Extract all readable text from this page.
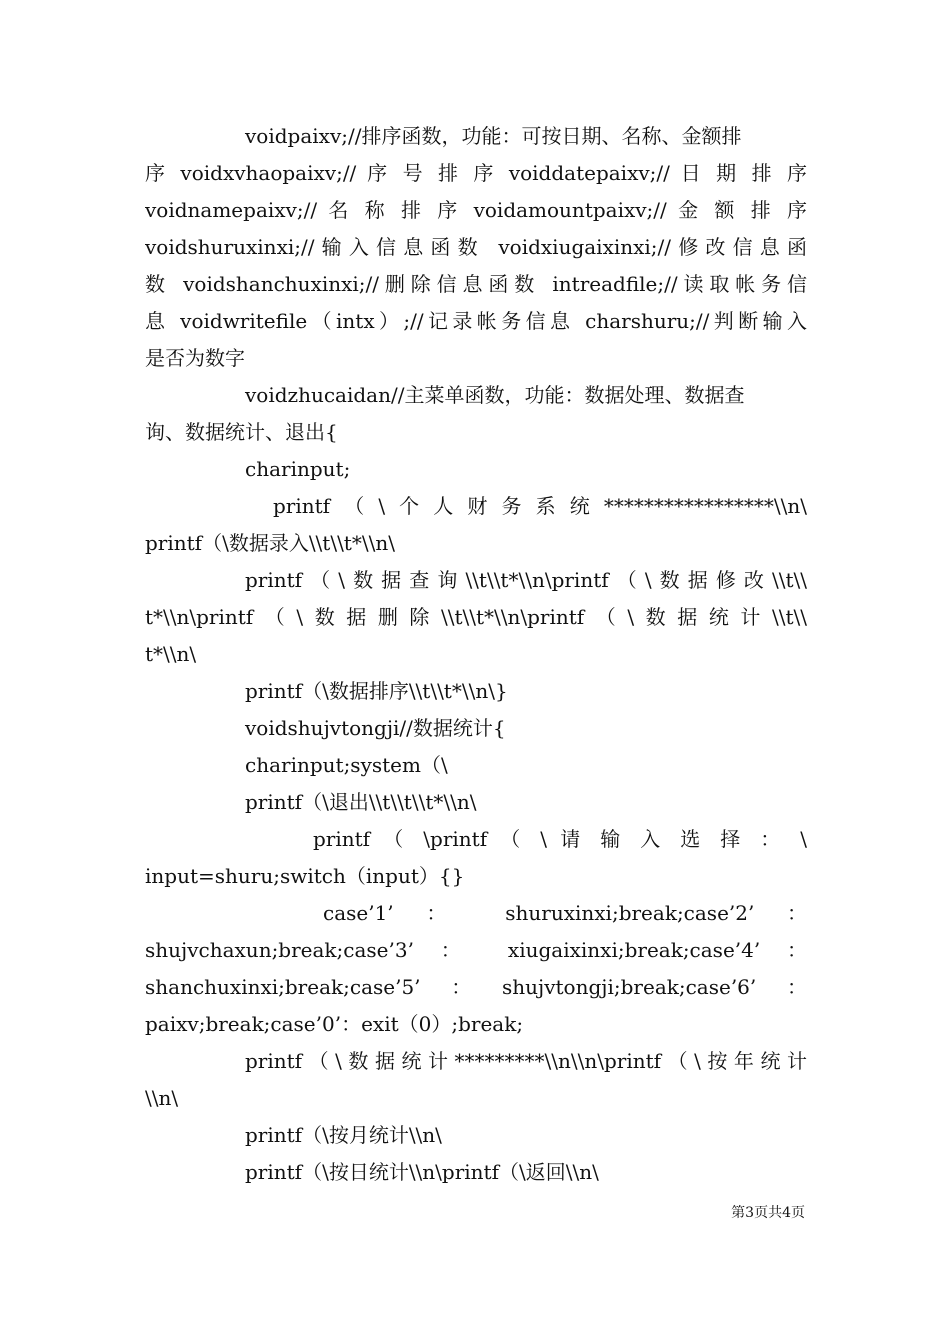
voidpaixv;//排序函数，功能：可按日期、名称、金额排
序 voidxvhaopaixv;// 序 号 排 序 voiddatepaixv;// 日 期 排 序
voidnamepaixv;// 名 称 排 序 voidamountpaixv;// 金 额 排 序
voidshuruxinxi;//输入信息函数 voidxiugaixinxi;//修改信息函
数 voidshanchuxinxi;//删除信息函数 intreadfile;//读取帐务信
息 voidwritefile（intx）;//记录帐务信息 charshuru;//判断输入
是否为数字
voidzhucaidan//主菜单函数，功能：数据处理、数据查
询、数据统计、退出{
charinput;
printf（\个人财务系统*****************\\n\
printf（\数据录入\\t\\t*\\n\
printf（\数据查询\\t\\t*\\n\printf（\数据修改\\t\\
t*\\n\printf（\数据删除\\t\\t*\\n\printf（\数据统计\\t\\
t*\\n\
printf（\数据排序\\t\\t*\\n\}
voidshujvtongji//数据统计{
charinput;system（\
printf（\退出\\t\\t\\t*\\n\
printf （ \printf （ \ 请 输 入 选 择 ： \
input=shuru;switch（input）{}
case’1’ ： shuruxinxi;break;case’2’ ：
shujvchaxun;break;case’3’ ： xiugaixinxi;break;case’4’ ：
shanchuxinxi;break;case’5’：shujvtongji;break;case’6’：
paixv;break;case’0’：exit（0）;break;
printf（\数据统计*********\\n\\n\printf（\按年统计
\\n\
printf（\按月统计\\n\
printf（\按日统计\\n\printf（\返回\\n\
第3页共4页
